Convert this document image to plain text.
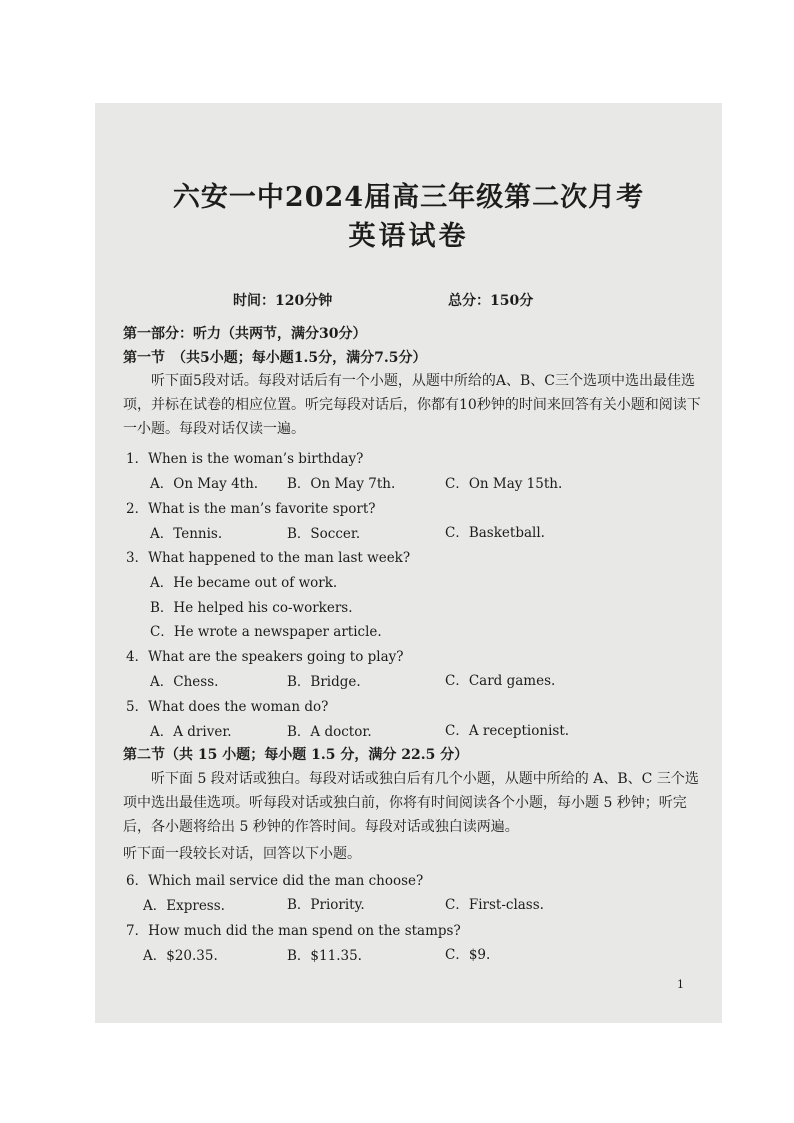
六安一中2024届高三年级第二次月考
英语试卷
时间：120分钟	总分：150分
第一部分：听力（共两节，满分30分）
第一节　（共5小题；每小题1.5分，满分7.5分）
听下面5段对话。每段对话后有一个小题，从题中所给的A、B、C三个选项中选出最佳选项，并标在试卷的相应位置。听完每段对话后，你都有10秒钟的时间来回答有关小题和阅读下一小题。每段对话仅读一遍。
1．When is the woman’s birthday?
A．On May 4th. B．On May 7th.	C．On May 15th.
2．What is the man’s favorite sport?
A．Tennis.	B．Soccer.	C．Basketball.
3．What happened to the man last week?
A．He became out of work.
B．He helped his co-workers.
C．He wrote a newspaper article.
4．What are the speakers going to play?
A．Chess.	B．Bridge.	C．Card games.
5．What does the woman do?
A．A driver.	B．A doctor.	C．A receptionist.
第二节（共 15 小题；每小题 1.5 分，满分 22.5 分）
听下面 5 段对话或独白。每段对话或独白后有几个小题，从题中所给的 A、B、C 三个选项中选出最佳选项。听每段对话或独白前，你将有时间阅读各个小题，每小题 5 秒钟；听完后，各小题将给出 5 秒钟的作答时间。每段对话或独白读两遍。
听下面一段较长对话，回答以下小题。
6．Which mail service did the man choose?
A．Express.	B．Priority.	C．First-class.
7．How much did the man spend on the stamps?
A．$20.35.	B．$11.35.	C．$9.
1
